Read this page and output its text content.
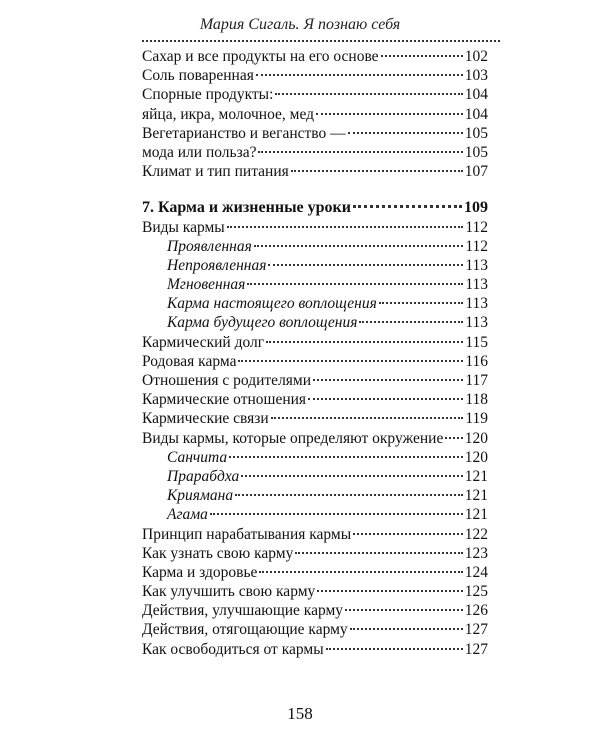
Мария Сигаль. Я познаю себя
Сахар и все продукты на его основе	102
Соль поваренная	103
Спорные продукты:	104
яйца, икра, молочное, мед	104
Вегетарианство и веганство —	105
мода или польза?	105
Климат и тип питания	107
7. Карма и жизненные уроки	109
Виды кармы	112
Проявленная	112
Непроявленная	113
Мгновенная	113
Карма настоящего воплощения	113
Карма будущего воплощения	113
Кармический долг	115
Родовая карма	116
Отношения с родителями	117
Кармические отношения	118
Кармические связи	119
Виды кармы, которые определяют окружение 120
Санчита	120
Прарабдха	121
Криямана	121
Агама	121
Принцип нарабатывания кармы	122
Как узнать свою карму	123
Карма и здоровье	124
Как улучшить свою карму	125
Действия, улучшающие карму	126
Действия, отягощающие карму	127
Как освободиться от кармы	127
158
